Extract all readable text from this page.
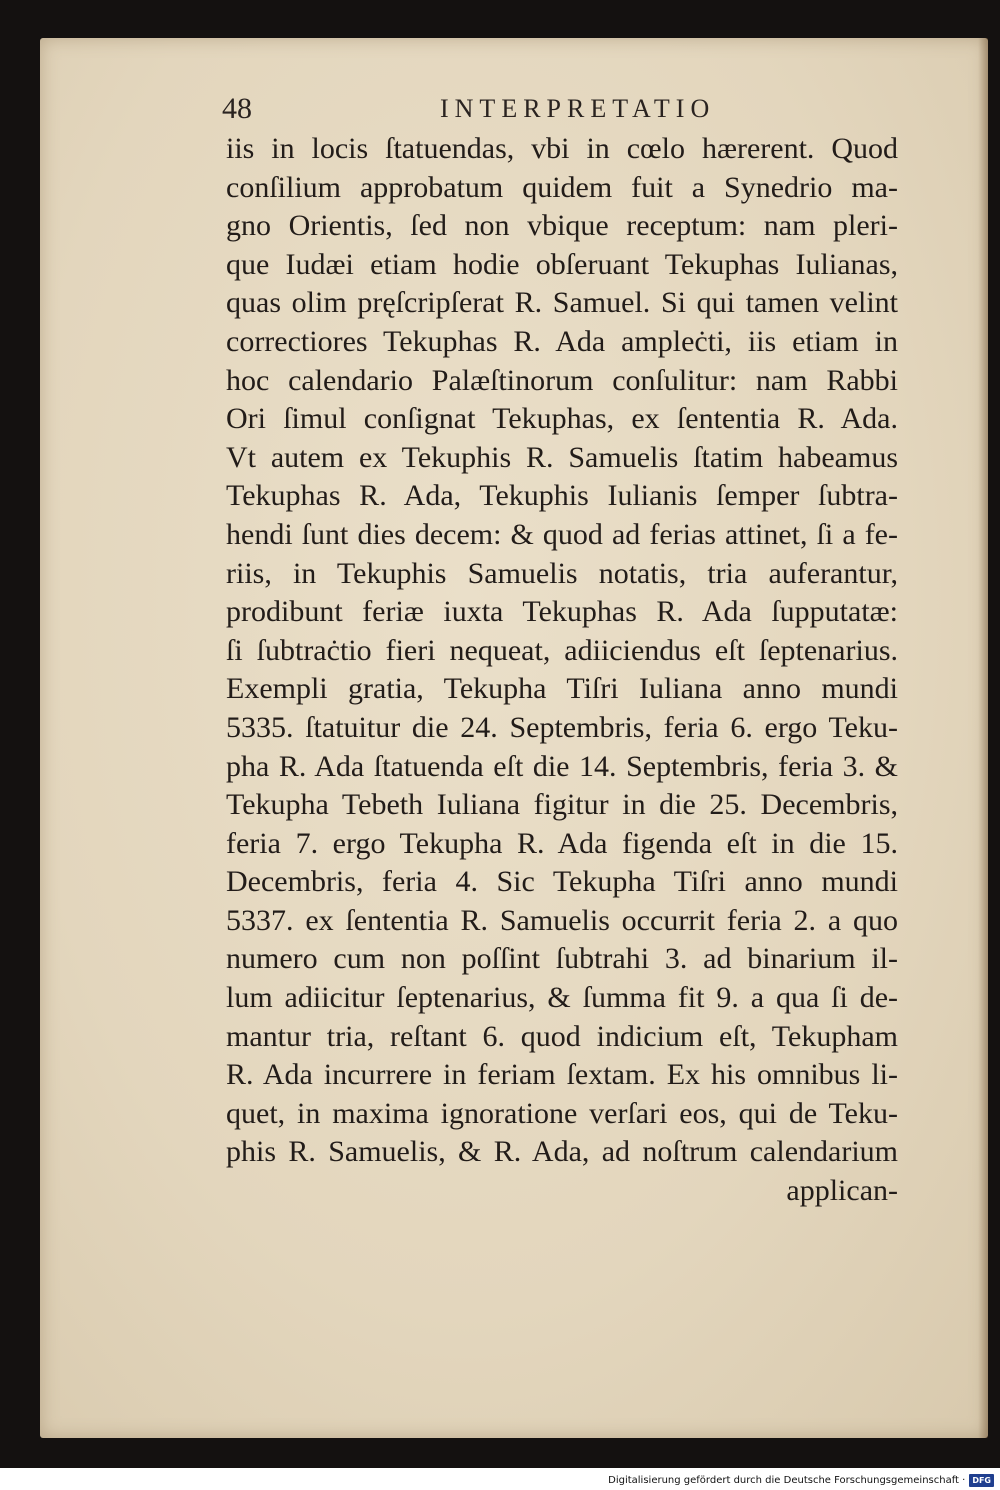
48	INTERPRETATIO
iis in locis ſtatuendas, vbi in cœlo hærerent. Quod
conſilium approbatum quidem fuit a Synedrio ma-
gno Orientis, ſed non vbique receptum: nam pleri-
que Iudæi etiam hodie obſeruant Tekuphas Iulianas,
quas olim pręſcripſerat R. Samuel. Si qui tamen velint
correctiores Tekuphas R. Ada ampleċti, iis etiam in
hoc calendario Palæſtinorum conſulitur: nam Rabbi
Ori ſimul conſignat Tekuphas, ex ſententia R. Ada.
Vt autem ex Tekuphis R. Samuelis ſtatim habeamus
Tekuphas R. Ada, Tekuphis Iulianis ſemper ſubtra-
hendi ſunt dies decem: & quod ad ferias attinet, ſi a fe-
riis, in Tekuphis Samuelis notatis, tria auferantur,
prodibunt feriæ iuxta Tekuphas R. Ada ſupputatæ:
ſi ſubtraċtio fieri nequeat, adiiciendus eſt ſeptenarius.
Exempli gratia, Tekupha Tiſri Iuliana anno mundi
5335. ſtatuitur die 24. Septembris, feria 6. ergo Teku-
pha R. Ada ſtatuenda eſt die 14. Septembris, feria 3. &
Tekupha Tebeth Iuliana figitur in die 25. Decembris,
feria 7. ergo Tekupha R. Ada figenda eſt in die 15.
Decembris, feria 4. Sic Tekupha Tiſri anno mundi
5337. ex ſententia R. Samuelis occurrit feria 2. a quo
numero cum non poſſint ſubtrahi 3. ad binarium il-
lum adiicitur ſeptenarius, & ſumma fit 9. a qua ſi de-
mantur tria, reſtant 6. quod indicium eſt, Tekupham
R. Ada incurrere in feriam ſextam. Ex his omnibus li-
quet, in maxima ignoratione verſari eos, qui de Teku-
phis R. Samuelis, & R. Ada, ad noſtrum calendarium
applican-
Digitalisierung gefördert durch die Deutsche Forschungsgemeinschaft · DFG
